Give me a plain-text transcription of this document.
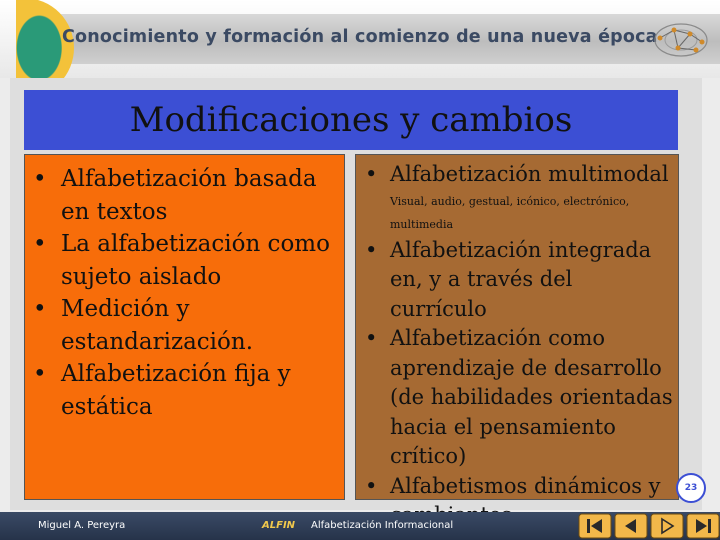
Conocimiento y formación al comienzo de una nueva época
Modificaciones y cambios
• Alfabetización basada en textos
• La alfabetización como sujeto aislado
• Medición y estandarización.
• Alfabetización fija y estática
• Alfabetización multimodal
Visual, audio, gestual, icónico, electrónico, multimedia
• Alfabetización integrada en, y a través del currículo
• Alfabetización como aprendizaje de desarrollo (de habilidades orientadas hacia el pensamiento crítico)
• Alfabetismos dinámicos y	23
Miguel A. Pereyra	ALFIN Alfabetización Informacional
